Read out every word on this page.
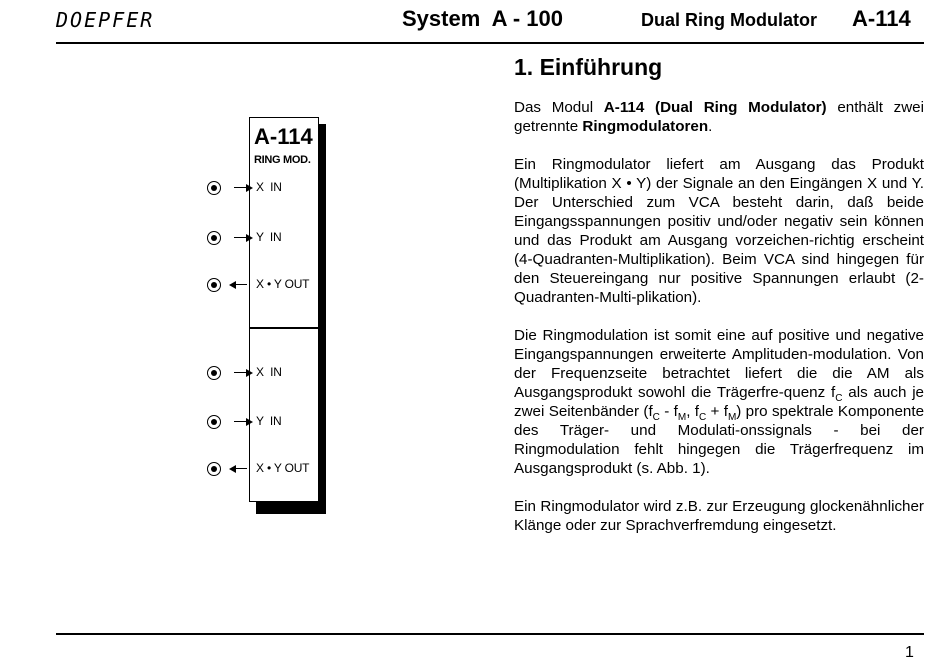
DOEPFER	System  A - 100	Dual Ring Modulator A-114
A-114
RING MOD.
X  IN
Y  IN
X • Y OUT
X  IN
Y  IN
X • Y OUT
1. Einführung

Das Modul A-114 (Dual Ring Modulator) enthält zwei getrennte Ringmodulatoren.

Ein Ringmodulator liefert am Ausgang das Produkt (Multiplikation X • Y) der Signale an den Eingängen X und Y. Der Unterschied zum VCA besteht darin, daß beide Eingangsspannungen positiv und/oder negativ sein können und das Produkt am Ausgang vorzeichen-richtig erscheint (4-Quadranten-Multiplikation). Beim VCA sind hingegen für den Steuereingang nur positive Spannungen erlaubt (2-Quadranten-Multi-plikation).

Die Ringmodulation ist somit eine auf positive und negative Eingangspannungen erweiterte Amplituden-modulation. Von der Frequenzseite betrachtet liefert die die AM als Ausgangsprodukt sowohl die Trägerfre-quenz $f_C$ als auch je zwei Seitenbänder ($f_C - f_M$, $f_C + f_M$) pro spektrale Komponente des Träger- und Modulati-onssignals - bei der Ringmodulation fehlt hingegen die Trägerfrequenz im Ausgangsprodukt (s. Abb. 1).

Ein Ringmodulator wird z.B. zur Erzeugung glockenähnlicher Klänge oder zur Sprachverfremdung eingesetzt.

1
